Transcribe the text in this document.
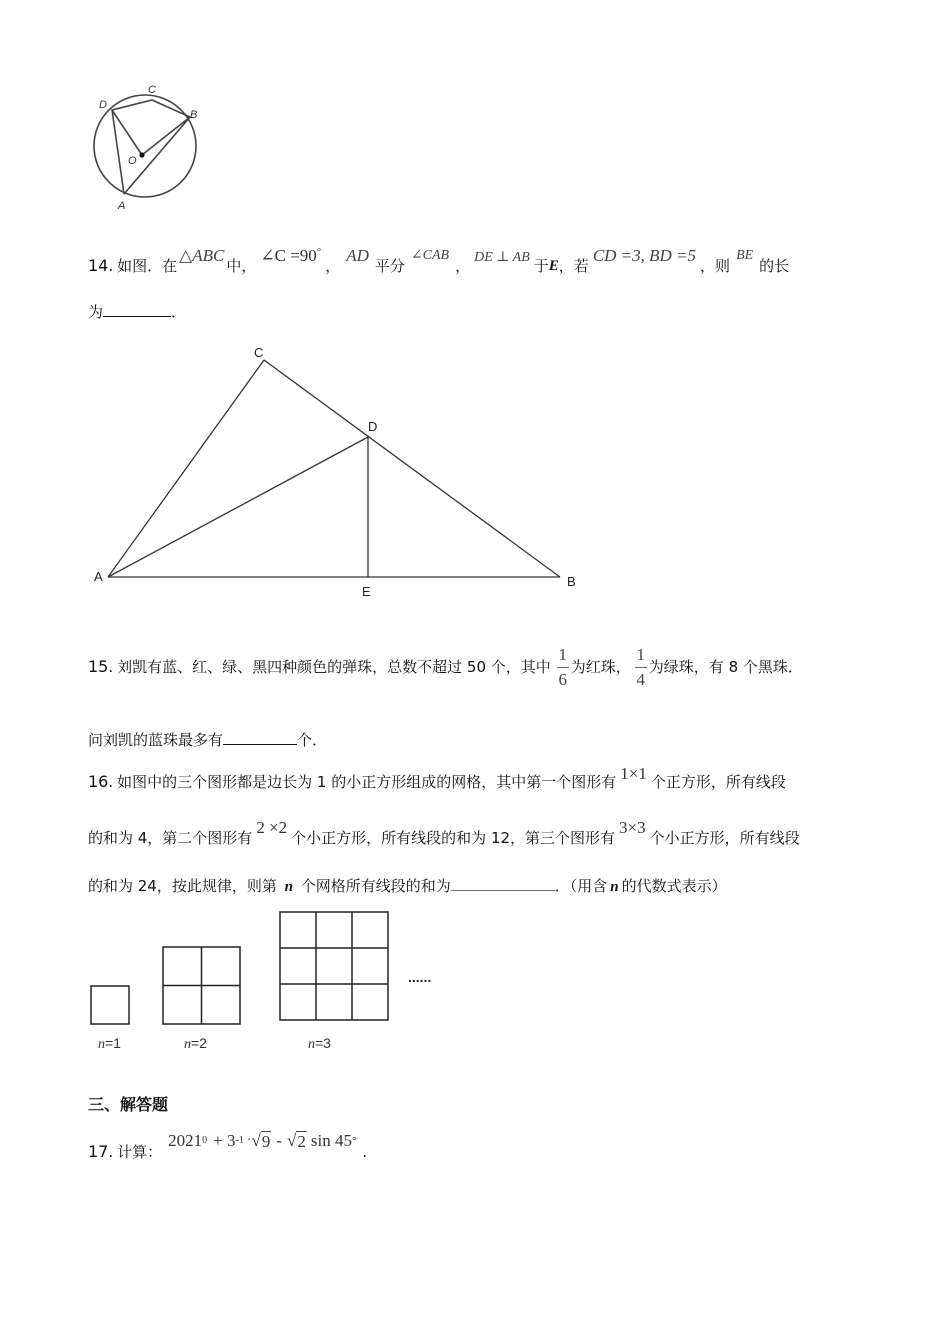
D
C
B
O
A
14 . 如图．在
△ABC
中，
∠C =90°
，
AD
平分
∠CAB
， DE ⊥ AB 于 E ，若
CD =3, BD =5
，则
BE
的长
为	．
C
D
A
E
B
15 . 刘凯有蓝、红、绿、黑四种颜色的弹珠，总数不超过 50 个，其中 $\frac{1}{6}$ 为红珠， $\frac{1}{4}$ 为绿珠，有 8 个黑珠．
问刘凯的蓝珠最多有	个．
16 . 如图中的三个图形都是边长为 1 的小正方形组成的网格，其中第一个图形有 1×1 个正方形，所有线段
的和为 4，第二个图形有
2 ×2
个小正方形，所有线段的和为 12，第三个图形有
3×3
个小正方形，所有线段
的和为 24，按此规律，则第 n 个网格所有线段的和为	．（用含 n 的代数式表示）
......
n=1	n=2	n=3
三、解答题
17 . 计算：
2021 0 + 3 -1 · √ 9 - √ 2 sin 45 °
.
